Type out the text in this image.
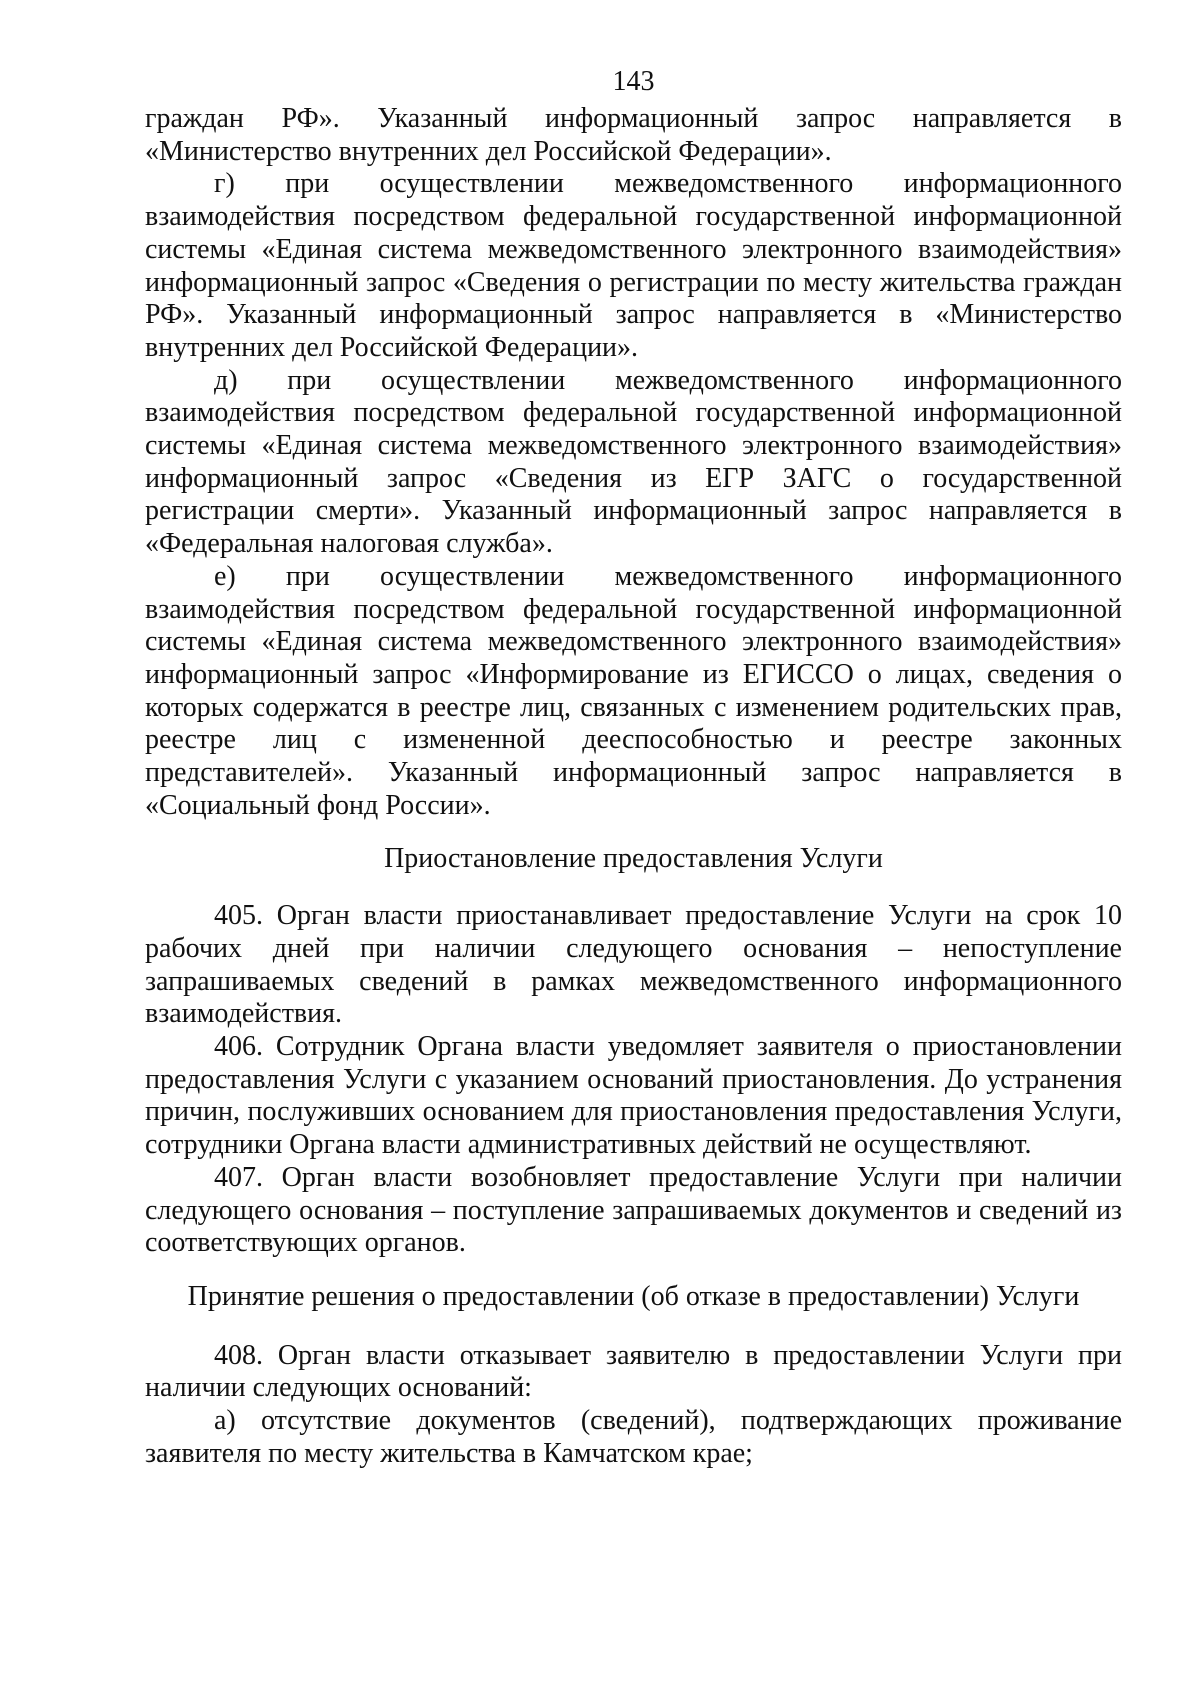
143

граждан РФ». Указанный информационный запрос направляется в «Министерство внутренних дел Российской Федерации».

г) при осуществлении межведомственного информационного взаимодействия посредством федеральной государственной информационной системы «Единая система межведомственного электронного взаимодействия» информационный запрос «Сведения о регистрации по месту жительства граждан РФ». Указанный информационный запрос направляется в «Министерство внутренних дел Российской Федерации».

д) при осуществлении межведомственного информационного взаимодействия посредством федеральной государственной информационной системы «Единая система межведомственного электронного взаимодействия» информационный запрос «Сведения из ЕГР ЗАГС о государственной регистрации смерти». Указанный информационный запрос направляется в «Федеральная налоговая служба».

е) при осуществлении межведомственного информационного взаимодействия посредством федеральной государственной информационной системы «Единая система межведомственного электронного взаимодействия» информационный запрос «Информирование из ЕГИССО о лицах, сведения о которых содержатся в реестре лиц, связанных с изменением родительских прав, реестре лиц с измененной дееспособностью и реестре законных представителей». Указанный информационный запрос направляется в «Социальный фонд России».

Приостановление предоставления Услуги

405. Орган власти приостанавливает предоставление Услуги на срок 10 рабочих дней при наличии следующего основания – непоступление запрашиваемых сведений в рамках межведомственного информационного взаимодействия.

406. Сотрудник Органа власти уведомляет заявителя о приостановлении предоставления Услуги с указанием оснований приостановления. До устранения причин, послуживших основанием для приостановления предоставления Услуги, сотрудники Органа власти административных действий не осуществляют.

407. Орган власти возобновляет предоставление Услуги при наличии следующего основания – поступление запрашиваемых документов и сведений из соответствующих органов.

Принятие решения о предоставлении (об отказе в предоставлении) Услуги

408. Орган власти отказывает заявителю в предоставлении Услуги при наличии следующих оснований:

а) отсутствие документов (сведений), подтверждающих проживание заявителя по месту жительства в Камчатском крае;
